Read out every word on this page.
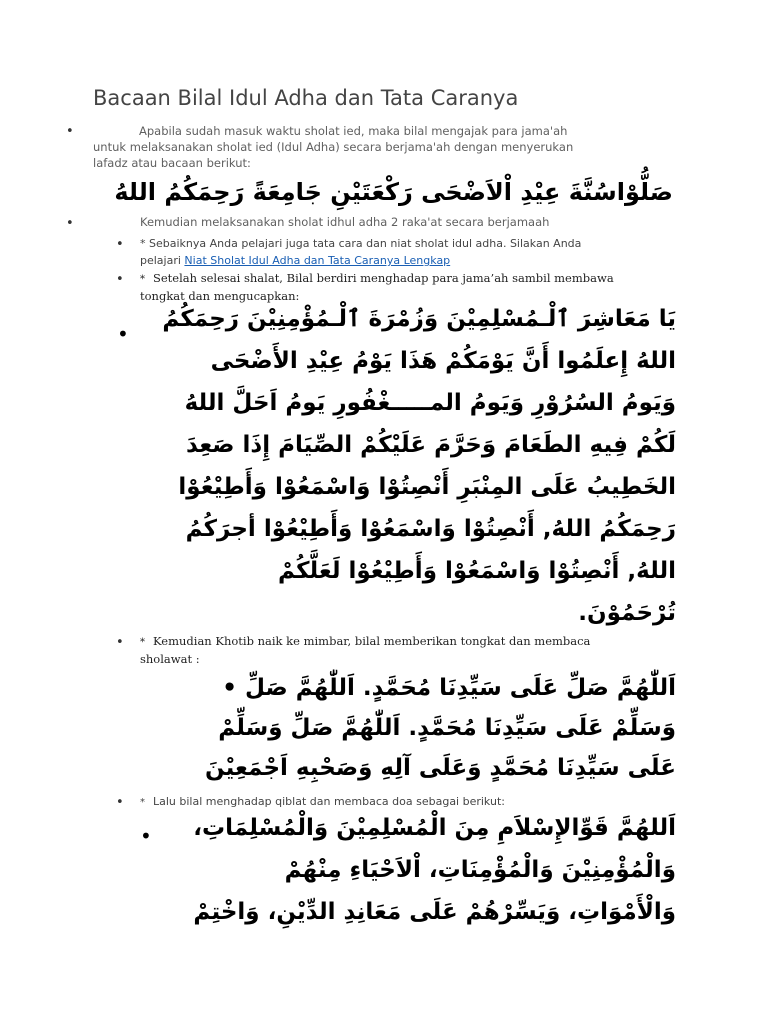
Bacaan Bilal Idul Adha dan Tata Caranya
•	Apabila sudah masuk waktu sholat ied, maka bilal mengajak para jama'ah
untuk melaksanakan sholat ied (Idul Adha) secara berjama'ah dengan menyerukan
lafadz atau bacaan berikut:
صَلُّوْاسُنَّةَ عِيْدِ اْلاَضْحَى رَكْعَتَيْنِ جَامِعَةً رَحِمَكُمُ اللهُ
•	Kemudian melaksanakan sholat idhul adha 2 raka'at secara berjamaah
• * Sebaiknya Anda pelajari juga tata cara dan niat sholat idul adha. Silakan Anda
pelajari Niat Sholat Idul Adha dan Tata Caranya Lengkap
• * Setelah selesai shalat, Bilal berdiri menghadap para jama’ah sambil membawa
tongkat dan mengucapkan:
•
يَا مَعَاشِرَ ٱلْـمُسْلِمِيْنَ وَزُمْرَةَ ٱلْـمُؤْمِنِيْنَ رَحِمَكُمُ
اللهُ إِعلَمُوا أَنَّ يَوْمَكُمْ هَذَا يَوْمُ عِيْدِ الأَضْحَى
وَيَومُ السُرُوْرِ وَيَومُ المـــــغْفُورِ يَومُ اَحَلَّ اللهُ
لَكُمْ فِيهِ الطَعَامَ وَحَرَّمَ عَلَيْكُمْ الصِّيَامَ إِذَا صَعِدَ
الخَطِيبُ عَلَى المِنْبَرِ أَنْصِتُوْا وَاسْمَعُوْا وَأَطِيْعُوْا
رَحِمَكُمُ اللهُ, أَنْصِتُوْا وَاسْمَعُوْا وَأَطِيْعُوْا أجرَكُمُ
اللهُ, أَنْصِتُوْا وَاسْمَعُوْا وَأَطِيْعُوْا لَعَلَّكُمْ
تُرْحَمُوْنَ.
• * Kemudian Khotib naik ke mimbar, bilal memberikan tongkat dan membaca
sholawat :
اَللّٰهُمَّ صَلِّ عَلَى سَيِّدِنَا مُحَمَّدٍ. اَللّٰهُمَّ صَلِّ •
وَسَلِّمْ عَلَى سَيِّدِنَا مُحَمَّدٍ. اَللّٰهُمَّ صَلِّ وَسَلِّمْ
عَلَى سَيِّدِنَا مُحَمَّدٍ وَعَلَى آلِهِ وَصَحْبِهِ اَجْمَعِيْنَ
• * Lalu bilal menghadap qiblat dan membaca doa sebagai berikut:
• اَللهُمَّ قَوِّالإِسْلاَمِ مِنَ الْمُسْلِمِيْنَ وَالْمُسْلِمَاتِ،
وَالْمُؤْمِنِيْنَ وَالْمُؤْمِنَاتِ، اْلاَحْيَاءِ مِنْهُمْ
وَالْأَمْوَاتِ، وَيَسِّرْهُمْ عَلَى مَعَانِدِ الدِّيْنِ، وَاخْتِمْ
